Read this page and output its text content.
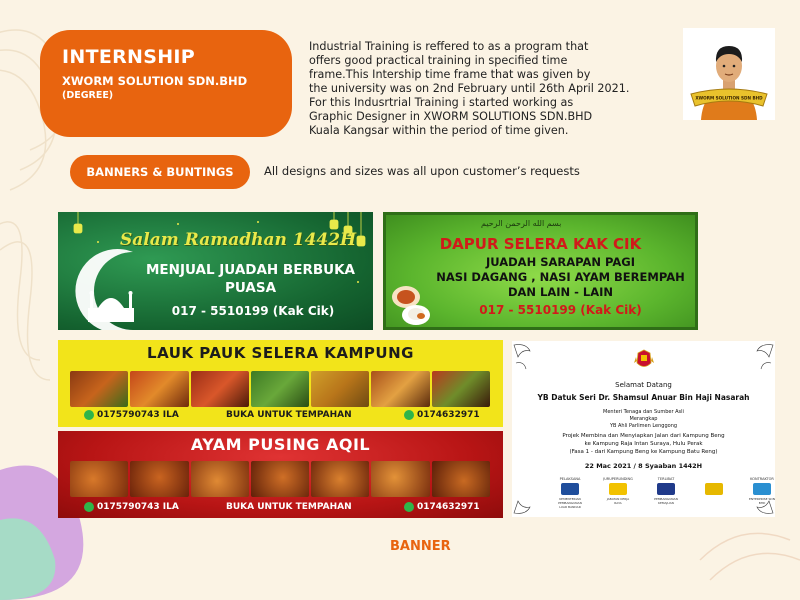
INTERNSHIP
XWORM SOLUTION SDN.BHD
(DEGREE)
Industrial Training is reffered to as a program that
offers good practical training in specified time
frame.This Intership time frame that was given by
the university was on 2nd February until 26th April 2021.
For this Indusrtrial Training i started working as
Graphic Designer in XWORM SOLUTIONS SDN.BHD
Kuala Kangsar within the period of time given.
XWORM SOLUTION SDN BHD
BANNERS & BUNTINGS	All designs and sizes was all upon customer’s requests
Salam Ramadhan 1442H
MENJUAL JUADAH BERBUKA
PUASA
017 - 5510199 (Kak Cik)
بسم الله الرحمن الرحيم
DAPUR SELERA KAK CIK
JUADAH SARAPAN PAGI
NASI DAGANG , NASI AYAM BEREMPAH
DAN LAIN - LAIN
017 - 5510199 (Kak Cik)
LAUK PAUK SELERA KAMPUNG
0175790743 ILA	BUKA UNTUK TEMPAHAN	0174632971
AYAM PUSING AQIL
0175790743 ILA	BUKA UNTUK TEMPAHAN	0174632971
Selamat Datang
YB Datuk Seri Dr. Shamsul Anuar Bin Haji Nasarah
Menteri Tenaga dan Sumber Asli
Merangkap
YB Ahli Parlimen Lenggong
Projek Membina dan Menyiapkan Jalan dari Kampung Beng
ke Kampung Raja Intan Suraya, Hulu Perak
(Fasa 1 - dari Kampung Beng ke Kampung Batu Reng)
22 Mac 2021 / 8 Syaaban 1442H
PELAKSANA
KEMENTERIAN PEMBANGUNAN LUAR BANDAR
JURUPERUNDING
JABATAN KERJA RAYA
TERLIBAT
PEMBANGUNAN KEMAJUAN
KONTRAKTOR
ENTERPRISE SDN BHD
BANNER
